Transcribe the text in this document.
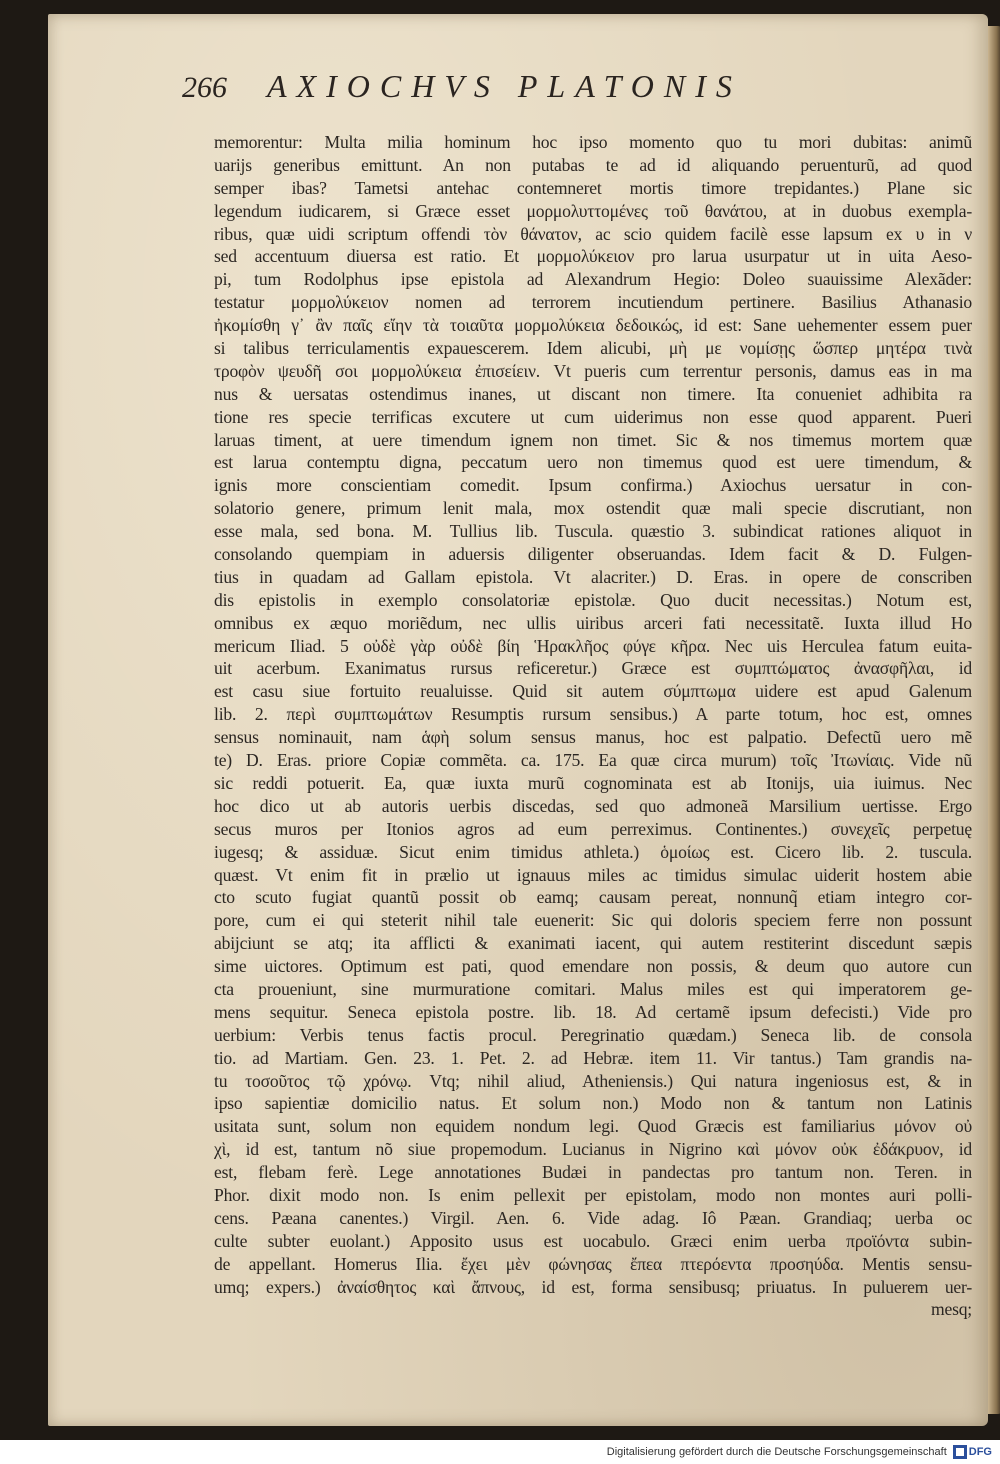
266 AXIOCHVS PLATONIS
memorentur: Multa milia hominum hoc ipso momento quo tu mori dubitas: animũ
uarijs generibus emittunt. An non putabas te ad id aliquando peruenturũ, ad quod
semper ibas? Tametsi antehac contemneret mortis timore trepidantes.) Plane sic
legendum iudicarem, si Græce esset μορμολυττομένες τοῦ θανάτου, at in duobus exempla-
ribus, quæ uidi scriptum offendi τὸν θάνατον, ac scio quidem facilè esse lapsum ex υ in ν
sed accentuum diuersa est ratio. Et μορμολύκειον pro larua usurpatur ut in uita Aeso-
pi, tum Rodolphus ipse epistola ad Alexandrum Hegio: Doleo suauissime Alexãder:
testatur μορμολύκειον nomen ad terrorem incutiendum pertinere. Basilius Athanasio
ἠκομίσθη γ᾽ ἂν παῖς εἴην τὰ τοιαῦτα μορμολύκεια δεδοικώς, id est: Sane uehementer essem puer
si talibus terriculamentis expauescerem. Idem alicubi, μὴ με νομίσῃς ὥσπερ μητέρα τινὰ
τροφὸν ψευδῆ σοι μορμολύκεια ἐπισείειν. Vt pueris cum terrentur personis, damus eas in ma
nus & uersatas ostendimus inanes, ut discant non timere. Ita conueniet adhibita ra
tione res specie terrificas excutere ut cum uiderimus non esse quod apparent. Pueri
laruas timent, at uere timendum ignem non timet. Sic & nos timemus mortem quæ
est larua contemptu digna, peccatum uero non timemus quod est uere timendum, &
ignis more conscientiam comedit. Ipsum confirma.) Axiochus uersatur in con-
solatorio genere, primum lenit mala, mox ostendit quæ mali specie discrutiant, non
esse mala, sed bona. M. Tullius lib. Tuscula. quæstio 3. subindicat rationes aliquot in
consolando quempiam in aduersis diligenter obseruandas. Idem facit & D. Fulgen-
tius in quadam ad Gallam epistola. Vt alacriter.) D. Eras. in opere de conscriben
dis epistolis in exemplo consolatoriæ epistolæ. Quo ducit necessitas.) Notum est,
omnibus ex æquo moriẽdum, nec ullis uiribus arceri fati necessitatẽ. Iuxta illud Ho
mericum Iliad. 5 οὐδὲ γὰρ οὐδὲ βίη Ἡρακλῆος φύγε κῆρα. Nec uis Herculea fatum euita-
uit acerbum. Exanimatus rursus reficeretur.) Græce est συμπτώματος ἀνασφῆλαι, id
est casu siue fortuito reualuisse. Quid sit autem σύμπτωμα uidere est apud Galenum
lib. 2. περὶ συμπτωμάτων Resumptis rursum sensibus.) A parte totum, hoc est, omnes
sensus nominauit, nam ἁφὴ solum sensus manus, hoc est palpatio. Defectũ uero mẽ
te) D. Eras. priore Copiæ commẽta. ca. 175. Ea quæ circa murum) τοῖς Ἰτωνίαις. Vide nũ
sic reddi potuerit. Ea, quæ iuxta murũ cognominata est ab Itonijs, uia iuimus. Nec
hoc dico ut ab autoris uerbis discedas, sed quo admoneã Marsilium uertisse. Ergo
secus muros per Itonios agros ad eum perreximus. Continentes.) συνεχεῖς perpetuę
iugesq; & assiduæ. Sicut enim timidus athleta.) ὁμοίως est. Cicero lib. 2. tusculа.
quæst. Vt enim fit in prælio ut ignauus miles ac timidus simulac uiderit hostem abie
cto scuto fugiat quantũ possit ob eamq; causam pereat, nonnunq̃ etiam integro cor-
pore, cum ei qui steterit nihil tale euenerit: Sic qui doloris speciem ferre non possunt
abijciunt se atq; ita afflicti & exanimati iacent, qui autem restiterint discedunt sæpis
sime uictores. Optimum est pati, quod emendare non possis, & deum quo autore cun
cta proueniunt, sine murmuratione comitari. Malus miles est qui imperatorem ge-
mens sequitur. Seneca epistola postre. lib. 18. Ad certamẽ ipsum defecisti.) Vide pro
uerbium: Verbis tenus factis procul. Peregrinatio quædam.) Seneca lib. de consola
tio. ad Martiam. Gen. 23. 1. Pet. 2. ad Hebræ. item 11. Vir tantus.) Tam grandis na-
tu τοσοῦτος τῷ χρόνῳ. Vtq; nihil aliud, Atheniensis.) Qui natura ingeniosus est, & in
ipso sapientiæ domicilio natus. Et solum non.) Modo non & tantum non Latinis
usitata sunt, solum non equidem nondum legi. Quod Græcis est familiarius μόνον οὐ
χὶ, id est, tantum nõ siue propemodum. Lucianus in Nigrino καὶ μόνον οὐκ ἐδάκρυον, id
est, flebam ferè. Lege annotationes Budæi in pandectas pro tantum non. Teren. in
Phor. dixit modo non. Is enim pellexit per epistolam, modo non montes auri polli-
cens. Pæana canentes.) Virgil. Aen. 6. Vide adag. Iô Pæan. Grandiaq; uerba oc
culte subter euolant.) Apposito usus est uocabulo. Græci enim uerba προϊόντα subin-
de appellant. Homerus Ilia. ἔχει μὲν φώνησας ἔπεα πτερόεντα προσηύδα. Mentis sensu-
umq; expers.) ἀναίσθητος καὶ ἄπνους, id est, forma sensibusq; priuatus. In puluerem uer-
mesq;
Digitalisierung gefördert durch die Deutsche Forschungsgemeinschaft DFG
